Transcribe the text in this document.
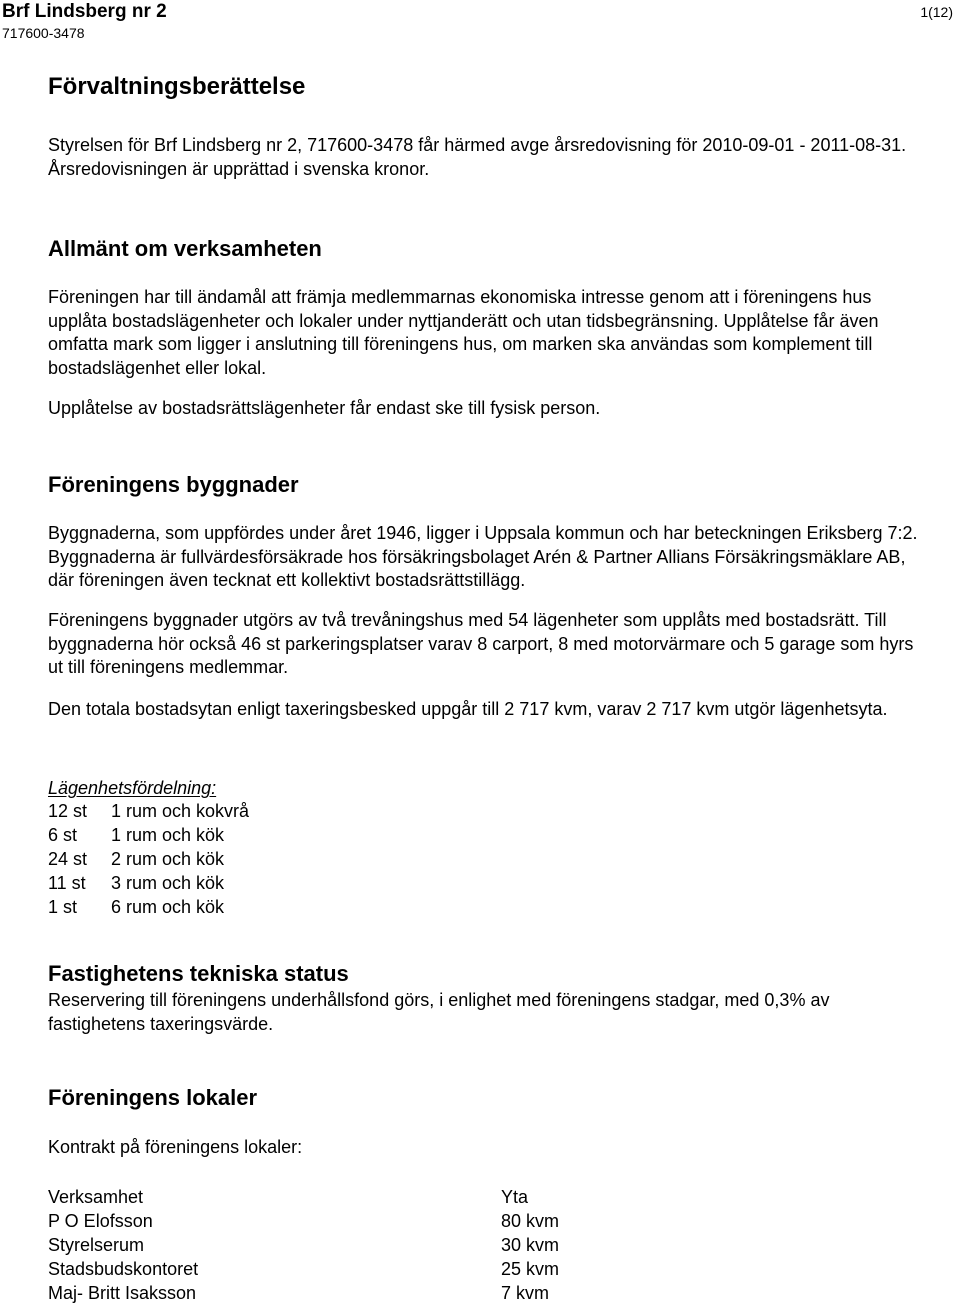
Brf Lindsberg nr 2
717600-3478
1(12)
Förvaltningsberättelse

Styrelsen för Brf Lindsberg nr 2, 717600-3478 får härmed avge årsredovisning för 2010-09-01 - 2011-08-31. Årsredovisningen är upprättad i svenska kronor.

Allmänt om verksamheten

Föreningen har till ändamål att främja medlemmarnas ekonomiska intresse genom att i föreningens hus upplåta bostadslägenheter och lokaler under nyttjanderätt och utan tidsbegränsning. Upplåtelse får även omfatta mark som ligger i anslutning till föreningens hus, om marken ska användas som komplement till bostadslägenhet eller lokal.

Upplåtelse av bostadsrättslägenheter får endast ske till fysisk person.

Föreningens byggnader

Byggnaderna, som uppfördes under året 1946, ligger i Uppsala kommun och har beteckningen Eriksberg 7:2. Byggnaderna är fullvärdesförsäkrade hos försäkringsbolaget Arén & Partner Allians Försäkringsmäklare AB, där föreningen även tecknat ett kollektivt bostadsrättstillägg.

Föreningens byggnader utgörs av två trevåningshus med 54 lägenheter som upplåts med bostadsrätt. Till byggnaderna hör också 46 st parkeringsplatser varav 8 carport, 8 med motorvärmare och 5 garage som hyrs ut till föreningens medlemmar.

Den totala bostadsytan enligt taxeringsbesked uppgår till 2 717 kvm, varav 2 717 kvm utgör lägenhetsyta.

Lägenhetsfördelning:
12 st	1 rum och kokvrå
6 st	1 rum och kök
24 st	2 rum och kök
11 st	3 rum och kök
1 st	6 rum och kök
Fastighetens tekniska status

Reservering till föreningens underhållsfond görs, i enlighet med föreningens stadgar, med 0,3% av fastighetens taxeringsvärde.

Föreningens lokaler

Kontrakt på föreningens lokaler:

Verksamhet	Yta
P O Elofsson	80 kvm
Styrelserum	30 kvm
Stadsbudskontoret	25 kvm
Maj- Britt Isaksson	7 kvm
